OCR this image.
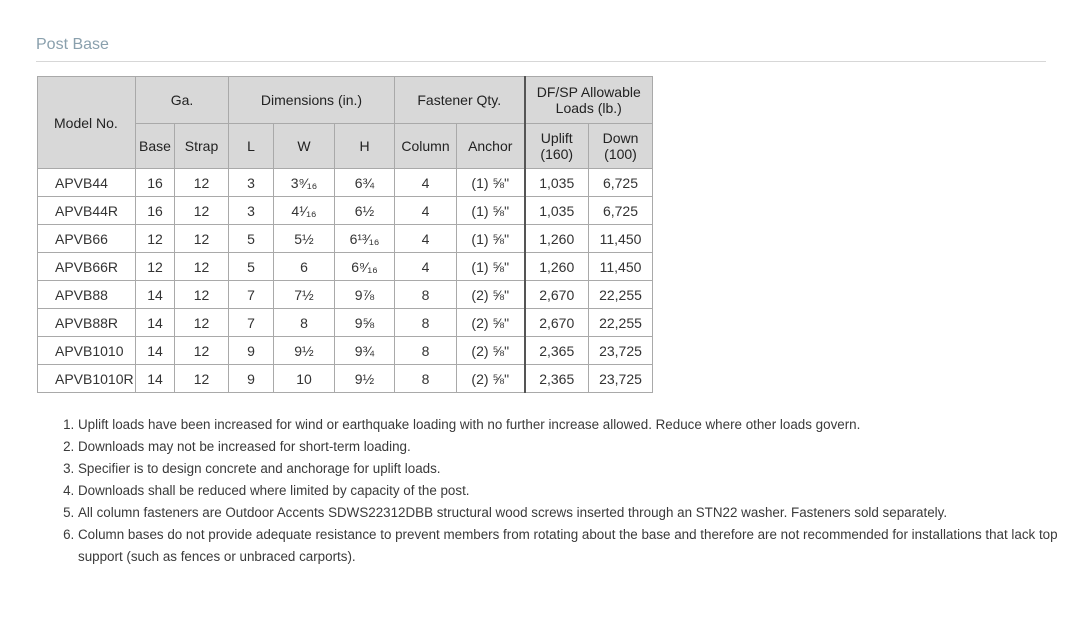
Post Base
Model No.	Ga.		Dimensions (in.)			Fastener Qty.		DF/SP Allowable Loads (lb.)	
	Base	Strap	L	W	H	Column	Anchor	Uplift (160)	Down (100)
APVB44	16	12	3	3⁹⁄₁₆	6¾	4	(1) ⅝"	1,035	6,725
APVB44R	16	12	3	4¹⁄₁₆	6½	4	(1) ⅝"	1,035	6,725
APVB66	12	12	5	5½	6¹³⁄₁₆	4	(1) ⅝"	1,260	11,450
APVB66R	12	12	5	6	6⁹⁄₁₆	4	(1) ⅝"	1,260	11,450
APVB88	14	12	7	7½	9⅞	8	(2) ⅝"	2,670	22,255
APVB88R	14	12	7	8	9⅝	8	(2) ⅝"	2,670	22,255
APVB1010	14	12	9	9½	9¾	8	(2) ⅝"	2,365	23,725
APVB1010R	14	12	9	10	9½	8	(2) ⅝"	2,365	23,725
1. Uplift loads have been increased for wind or earthquake loading with no further increase allowed. Reduce where other loads govern.
2. Downloads may not be increased for short-term loading.
3. Specifier is to design concrete and anchorage for uplift loads.
4. Downloads shall be reduced where limited by capacity of the post.
5. All column fasteners are Outdoor Accents SDWS22312DBB structural wood screws inserted through an STN22 washer. Fasteners sold separately.
6. Column bases do not provide adequate resistance to prevent members from rotating about the base and therefore are not recommended for installations that lack top support (such as fences or unbraced carports).
